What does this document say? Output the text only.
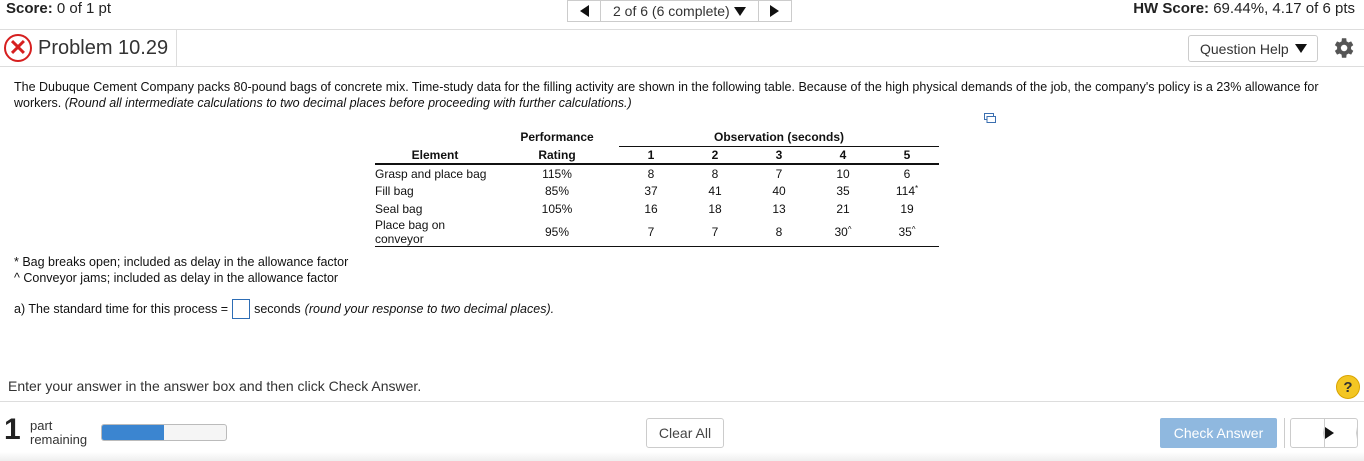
Score: 0 of 1 pt	2 of 6 (6 complete)	HW Score: 69.44%, 4.17 of 6 pts
✕ Problem 10.29	Question Help
The Dubuque Cement Company packs 80-pound bags of concrete mix. Time-study data for the filling activity are shown in the following table. Because of the high physical demands of the job, the company's policy is a 23% allowance for workers. (Round all intermediate calculations to two decimal places before proceeding with further calculations.)
	Performance	Observation (seconds)				
Element	Rating	1	2	3	4	5
Grasp and place bag	115%	8	8	7	10	6
Fill bag	85%	37	41	40	35	114*
Seal bag	105%	16	18	13	21	19
Place bag on conveyor	95%	7	7	8	30^	35^
* Bag breaks open; included as delay in the allowance factor
^ Conveyor jams; included as delay in the allowance factor
a) The standard time for this process = seconds (round your response to two decimal places).
Enter your answer in the answer box and then click Check Answer.	?
1 part
remaining	Clear All	Check Answer
